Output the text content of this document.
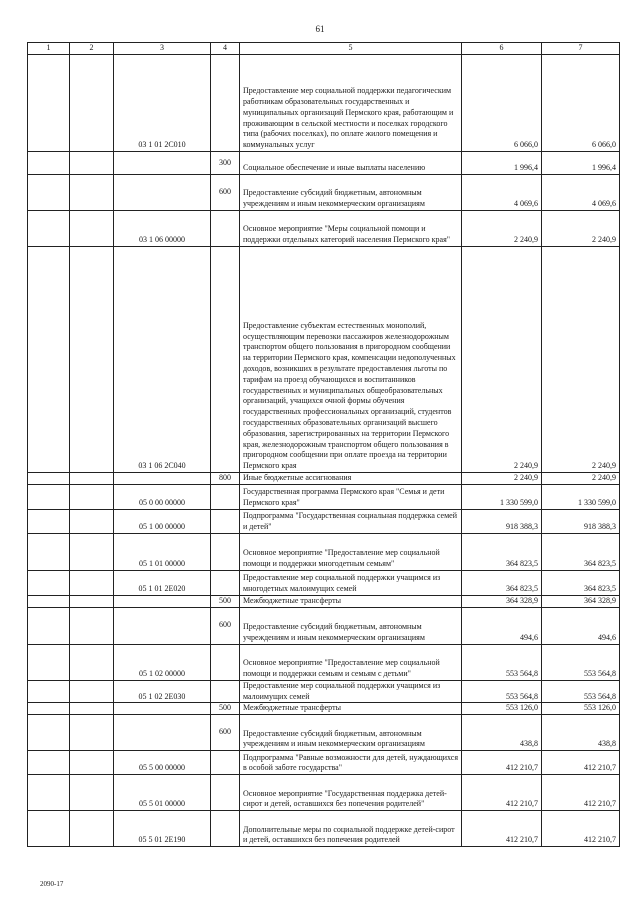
61
1	2	3	4	5	6	7
		03 1 01 2С010		Предоставление мер социальной поддержки педагогическим работникам образовательных государственных и муниципальных организаций Пермского края, работающим и проживающим в сельской местности и поселках городского типа (рабочих поселках), по оплате жилого помещения и коммунальных услуг	6 066,0	6 066,0
			300	Социальное обеспечение и иные выплаты населению	1 996,4	1 996,4
			600	Предоставление субсидий бюджетным, автономным учреждениям и иным некоммерческим организациям	4 069,6	4 069,6
		03 1 06 00000		Основное мероприятие "Меры социальной помощи и поддержки отдельных категорий населения Пермского края"	2 240,9	2 240,9
		03 1 06 2С040		Предоставление субъектам естественных монополий, осуществляющим перевозки пассажиров железнодорожным транспортом общего пользования в пригородном сообщении на территории Пермского края, компенсации недополученных доходов, возникших в результате предоставления льготы по тарифам на проезд обучающихся и воспитанников государственных и муниципальных общеобразовательных организаций, учащихся очной формы обучения государственных профессиональных организаций, студентов государственных образовательных организаций высшего образования, зарегистрированных на территории Пермского края, железнодорожным транспортом общего пользования в пригородном сообщении при оплате проезда на территории Пермского края	2 240,9	2 240,9
			800	Иные бюджетные ассигнования	2 240,9	2 240,9
		05 0 00 00000		Государственная программа Пермского края "Семья и дети Пермского края"	1 330 599,0	1 330 599,0
		05 1 00 00000		Подпрограмма "Государственная социальная поддержка семей и детей"	918 388,3	918 388,3
		05 1 01 00000		Основное мероприятие "Предоставление мер социальной помощи и поддержки многодетным семьям"	364 823,5	364 823,5
		05 1 01 2Е020		Предоставление мер социальной поддержки учащимся из многодетных малоимущих семей	364 823,5	364 823,5
			500	Межбюджетные трансферты	364 328,9	364 328,9
			600	Предоставление субсидий бюджетным, автономным учреждениям и иным некоммерческим организациям	494,6	494,6
		05 1 02 00000		Основное мероприятие "Предоставление мер социальной помощи и поддержки семьям и семьям с детьми"	553 564,8	553 564,8
		05 1 02 2Е030		Предоставление мер социальной поддержки учащимся из малоимущих семей	553 564,8	553 564,8
			500	Межбюджетные трансферты	553 126,0	553 126,0
			600	Предоставление субсидий бюджетным, автономным учреждениям и иным некоммерческим организациям	438,8	438,8
		05 5 00 00000		Подпрограмма "Равные возможности для детей, нуждающихся в особой заботе государства"	412 210,7	412 210,7
		05 5 01 00000		Основное мероприятие "Государственная поддержка детей-сирот и детей, оставшихся без попечения родителей"	412 210,7	412 210,7
		05 5 01 2Е190		Дополнительные меры по социальной поддержке детей-сирот и детей, оставшихся без попечения родителей	412 210,7	412 210,7
2090-17
